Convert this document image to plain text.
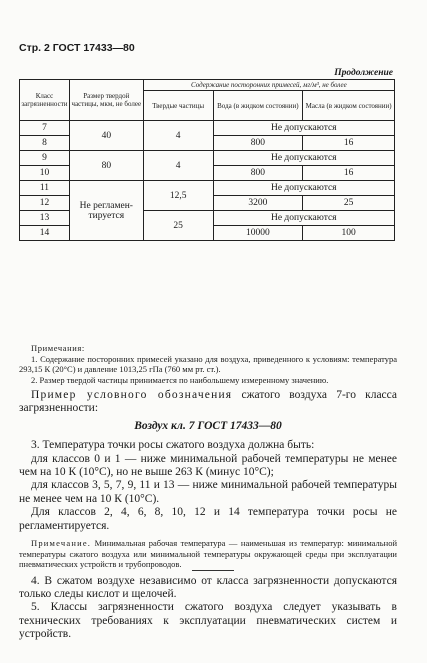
Стр. 2 ГОСТ 17433—80
Продолжение
Класс загрязненности	Размер твердой частицы, мкм, не более	Содержание посторонних примесей, мг/м³, не более		
		Твердые частицы	Вода (в жидком состоянии)	Масла (в жидком состоянии)
7	40	4	Не допускаются	
8			800	16
9	80	4	Не допускаются	
10			800	16
11	Не регламентируется	12,5	Не допускаются	
12			3200	25
13		25	Не допускаются	
14			10000	100
Примечания:

1. Содержание посторонних примесей указано для воздуха, приведенного к условиям: температура 293,15 К (20°С) и давление 1013,25 гПа (760 мм рт. ст.).

2. Размер твердой частицы принимается по наибольшему измеренному значению.

Пример условного обозначения сжатого воздуха 7-го класса загрязненности:

Воздух кл. 7 ГОСТ 17433—80

3. Температура точки росы сжатого воздуха должна быть:

для классов 0 и 1 — ниже минимальной рабочей температуры не менее чем на 10 К (10°С), но не выше 263 К (минус 10°С);

для классов 3, 5, 7, 9, 11 и 13 — ниже минимальной рабочей температуры не менее чем на 10 К (10°С).

Для классов 2, 4, 6, 8, 10, 12 и 14 температура точки росы не регламентируется.

Примечание. Минимальная рабочая температура — наименьшая из температур: минимальной температуры сжатого воздуха или минимальной температуры окружающей среды при эксплуатации пневматических устройств и трубопроводов.

4. В сжатом воздухе независимо от класса загрязненности допускаются только следы кислот и щелочей.

5. Классы загрязненности сжатого воздуха следует указывать в технических требованиях к эксплуатации пневматических систем и устройств.
